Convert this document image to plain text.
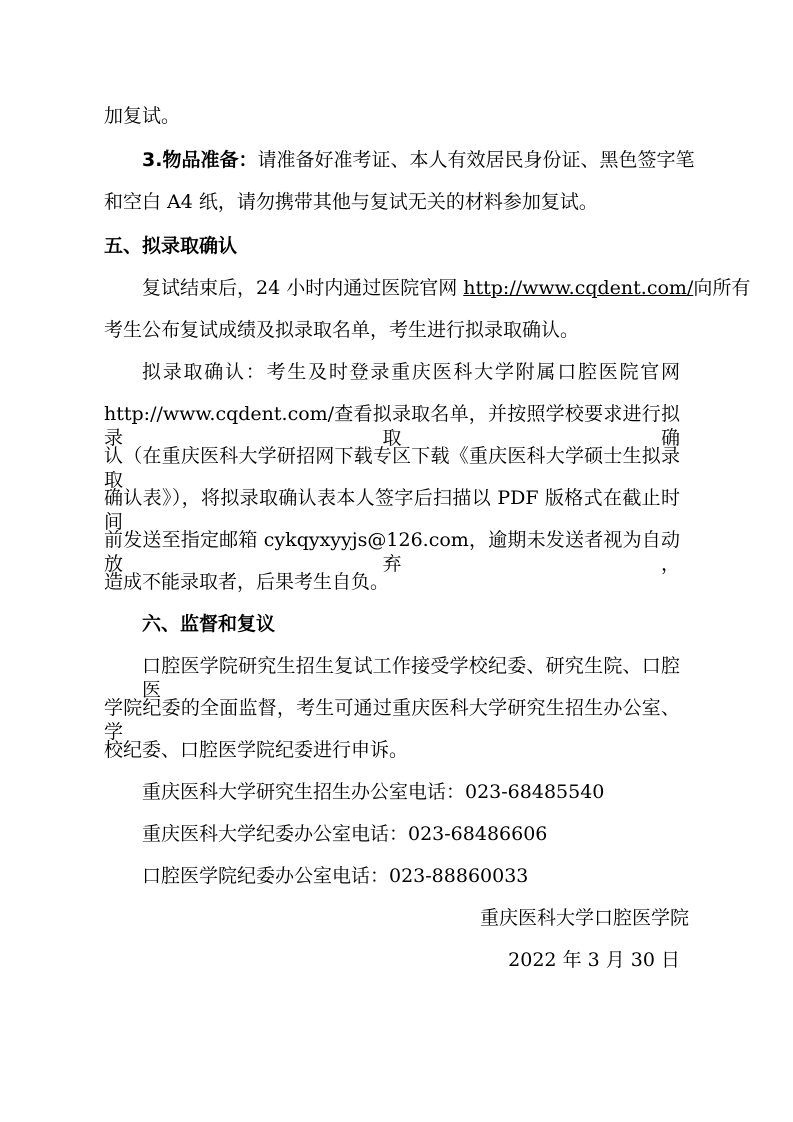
加复试。
3.物品准备：请准备好准考证、本人有效居民身份证、黑色签字笔
和空白 A4 纸，请勿携带其他与复试无关的材料参加复试。
五、拟录取确认
复试结束后，24 小时内通过医院官网 http://www.cqdent.com/向所有
考生公布复试成绩及拟录取名单，考生进行拟录取确认。
拟录取确认：考生及时登录重庆医科大学附属口腔医院官网
http://www.cqdent.com/查看拟录取名单，并按照学校要求进行拟录取确
认（在重庆医科大学研招网下载专区下载《重庆医科大学硕士生拟录取
确认表》），将拟录取确认表本人签字后扫描以 PDF 版格式在截止时间
前发送至指定邮箱 cykqyxyyjs@126.com，逾期未发送者视为自动放弃，
造成不能录取者，后果考生自负。
六、监督和复议
口腔医学院研究生招生复试工作接受学校纪委、研究生院、口腔医
学院纪委的全面监督，考生可通过重庆医科大学研究生招生办公室、学
校纪委、口腔医学院纪委进行申诉。
重庆医科大学研究生招生办公室电话：023-68485540
重庆医科大学纪委办公室电话：023-68486606
口腔医学院纪委办公室电话：023-88860033
重庆医科大学口腔医学院
2022 年 3 月 30 日
